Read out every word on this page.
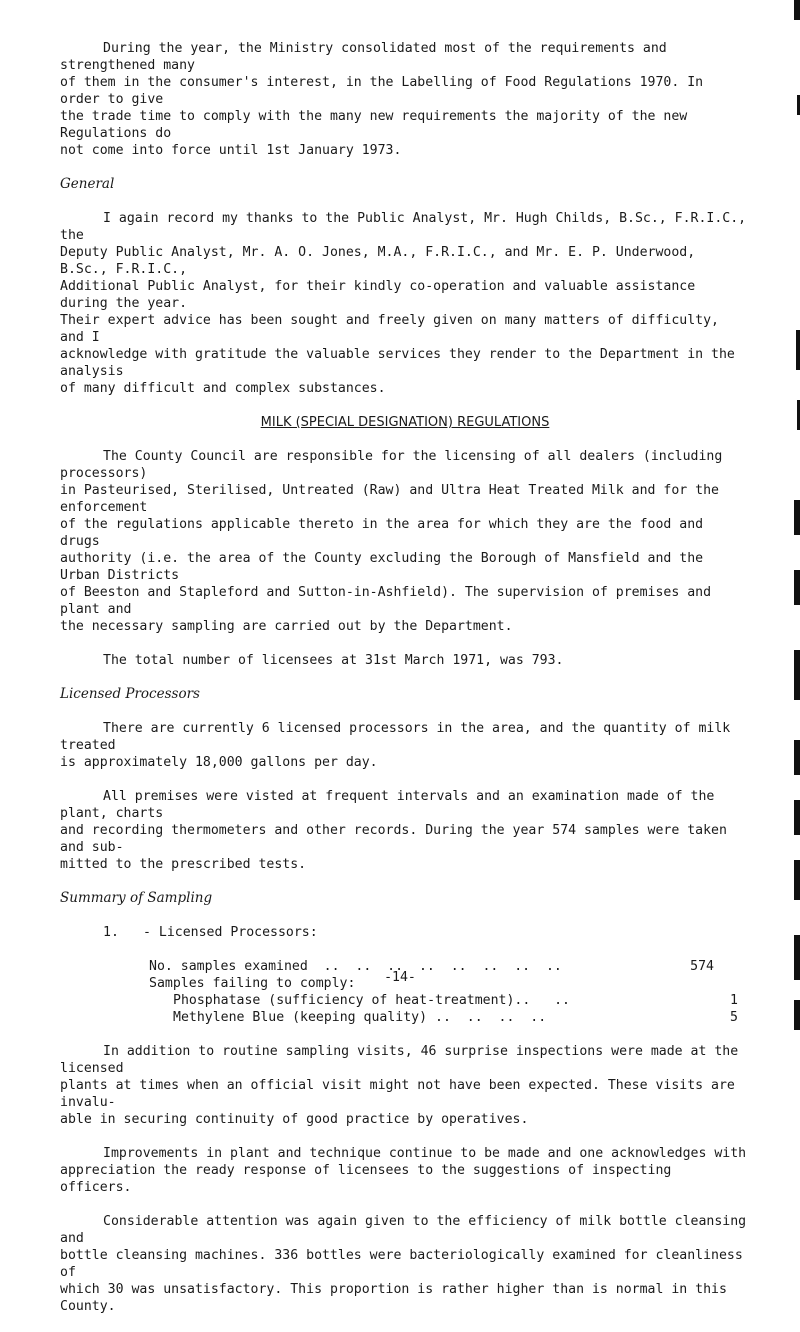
During the year, the Ministry consolidated most of the requirements and strengthened many
of them in the consumer's interest, in the Labelling of Food Regulations 1970. In order to give
the trade time to comply with the many new requirements the majority of the new Regulations do
not come into force until 1st January 1973.

General

I again record my thanks to the Public Analyst, Mr. Hugh Childs, B.Sc., F.R.I.C., the
Deputy Public Analyst, Mr. A. O. Jones, M.A., F.R.I.C., and Mr. E. P. Underwood, B.Sc., F.R.I.C.,
Additional Public Analyst, for their kindly co-operation and valuable assistance during the year.
Their expert advice has been sought and freely given on many matters of difficulty, and I
acknowledge with gratitude the valuable services they render to the Department in the analysis
of many difficult and complex substances.

MILK (SPECIAL DESIGNATION) REGULATIONS

The County Council are responsible for the licensing of all dealers (including processors)
in Pasteurised, Sterilised, Untreated (Raw) and Ultra Heat Treated Milk and for the enforcement
of the regulations applicable thereto in the area for which they are the food and drugs
authority (i.e. the area of the County excluding the Borough of Mansfield and the Urban Districts
of Beeston and Stapleford and Sutton-in-Ashfield). The supervision of premises and plant and
the necessary sampling are carried out by the Department.

The total number of licensees at 31st March 1971, was 793.

Licensed Processors

There are currently 6 licensed processors in the area, and the quantity of milk treated
is approximately 18,000 gallons per day.

All premises were visted at frequent intervals and an examination made of the plant, charts
and recording thermometers and other records. During the year 574 samples were taken and sub-
mitted to the prescribed tests.

Summary of Sampling
1. - Licensed Processors:
No. samples examined  ..  ..  ..  ..  ..  ..  ..  ..	574
Samples failing to comply:
Phosphatase (sufficiency of heat-treatment)..   ..	1
Methylene Blue (keeping quality) ..  ..  ..  ..	5

In addition to routine sampling visits, 46 surprise inspections were made at the licensed
plants at times when an official visit might not have been expected. These visits are invalu-
able in securing continuity of good practice by operatives.

Improvements in plant and technique continue to be made and one acknowledges with
appreciation the ready response of licensees to the suggestions of inspecting officers.

Considerable attention was again given to the efficiency of milk bottle cleansing and
bottle cleansing machines. 336 bottles were bacteriologically examined for cleanliness of
which 30 was unsatisfactory. This proportion is rather higher than is normal in this County.

-14-
